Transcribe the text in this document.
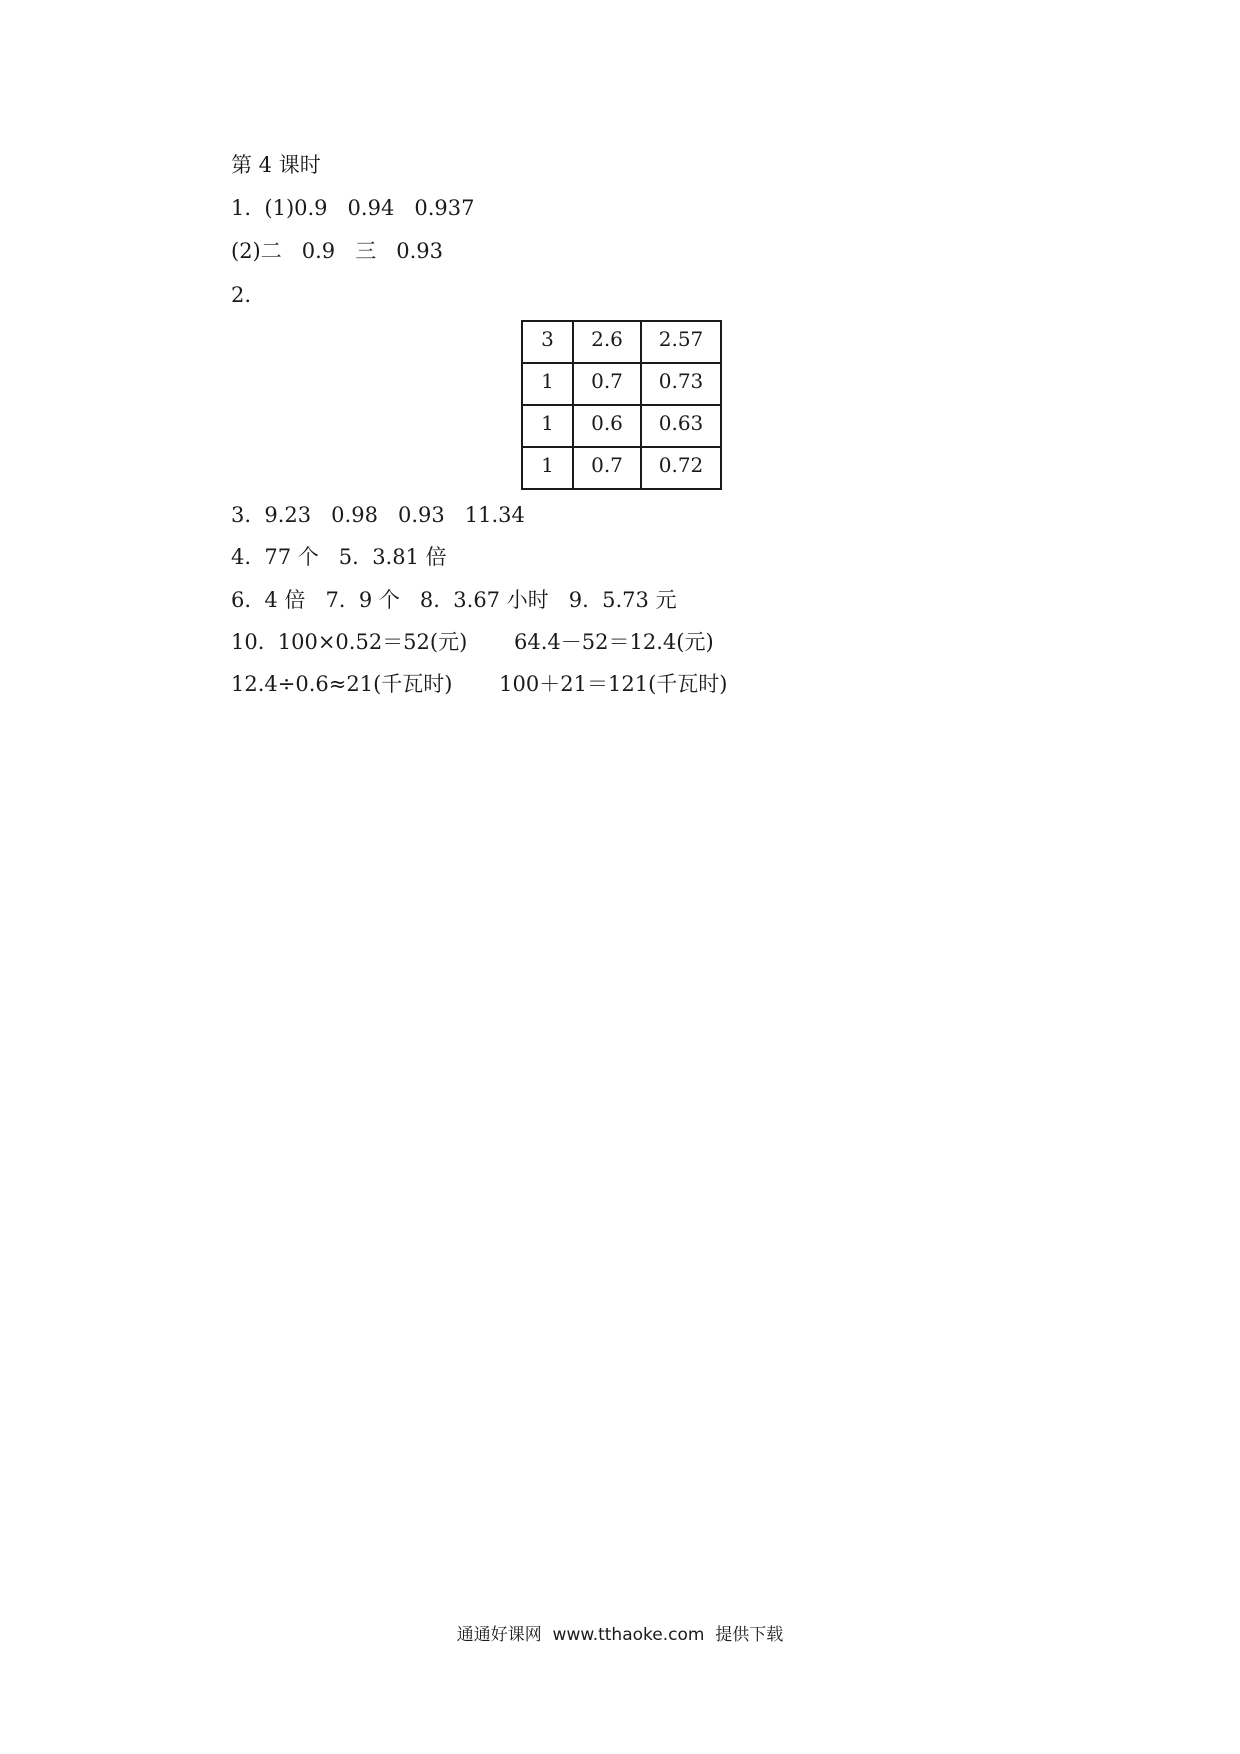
第 4 课时
1.  (1)0.9   0.94   0.937
(2)二   0.9   三   0.93
2.
3	2.6	2.57
1	0.7	0.73
1	0.6	0.63
1	0.7	0.72
3.  9.23   0.98   0.93   11.34
4.  77 个   5.  3.81 倍
6.  4 倍   7.  9 个   8.  3.67 小时   9.  5.73 元
10.  100×0.52＝52(元)       64.4－52＝12.4(元)
12.4÷0.6≈21(千瓦时)       100＋21＝121(千瓦时)
通通好课网  www.tthaoke.com  提供下载
